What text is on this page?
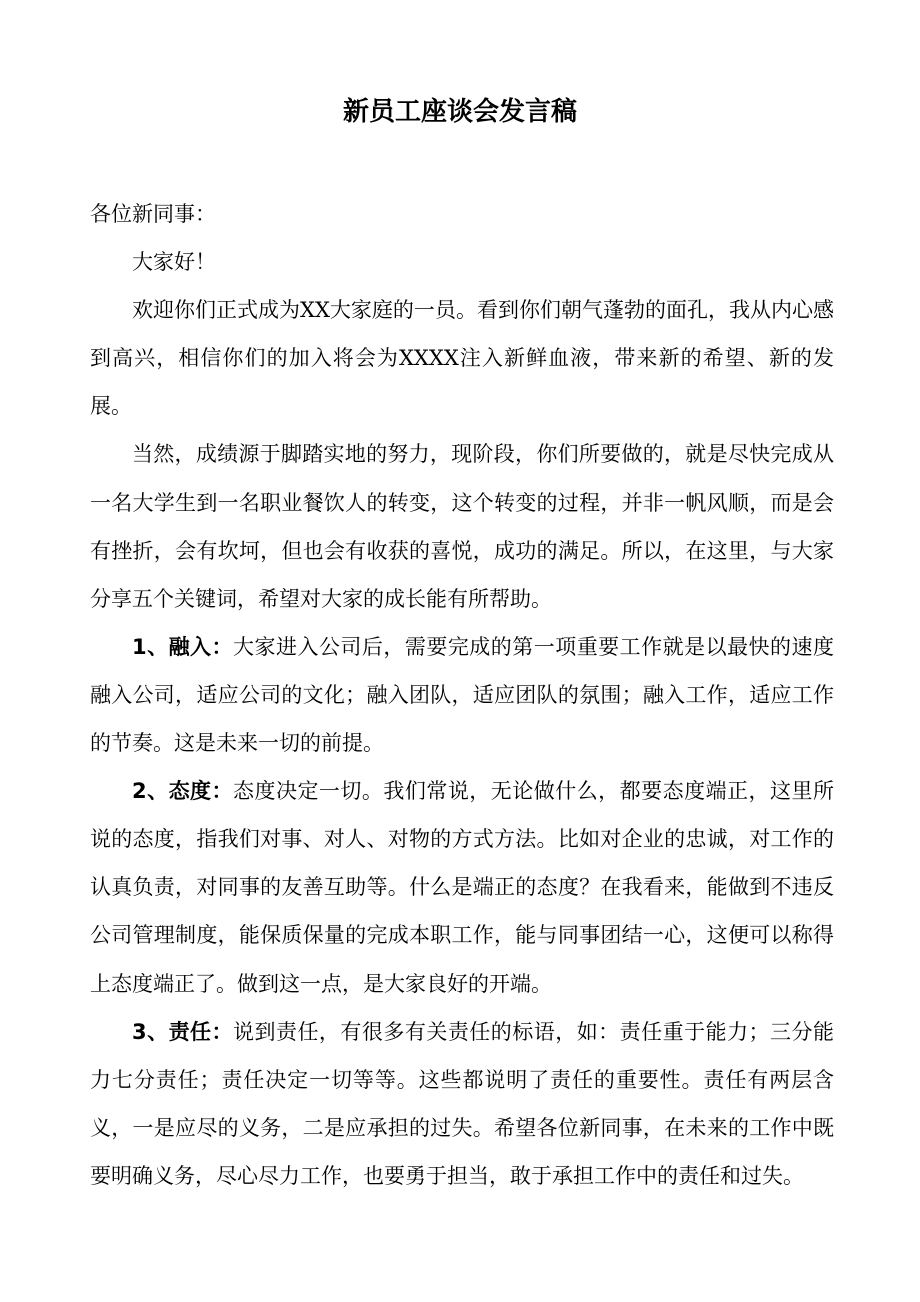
新员工座谈会发言稿

各位新同事：

大家好！

欢迎你们正式成为XX大家庭的一员。看到你们朝气蓬勃的面孔，我从内心感到高兴，相信你们的加入将会为XXXX注入新鲜血液，带来新的希望、新的发展。

当然，成绩源于脚踏实地的努力，现阶段，你们所要做的，就是尽快完成从一名大学生到一名职业餐饮人的转变，这个转变的过程，并非一帆风顺，而是会有挫折，会有坎坷，但也会有收获的喜悦，成功的满足。所以，在这里，与大家分享五个关键词，希望对大家的成长能有所帮助。

1、融入：大家进入公司后，需要完成的第一项重要工作就是以最快的速度融入公司，适应公司的文化；融入团队，适应团队的氛围；融入工作，适应工作的节奏。这是未来一切的前提。

2、态度：态度决定一切。我们常说，无论做什么，都要态度端正，这里所说的态度，指我们对事、对人、对物的方式方法。比如对企业的忠诚，对工作的认真负责，对同事的友善互助等。什么是端正的态度？在我看来，能做到不违反公司管理制度，能保质保量的完成本职工作，能与同事团结一心，这便可以称得上态度端正了。做到这一点，是大家良好的开端。

3、责任：说到责任，有很多有关责任的标语，如：责任重于能力；三分能力七分责任；责任决定一切等等。这些都说明了责任的重要性。责任有两层含义，一是应尽的义务，二是应承担的过失。希望各位新同事，在未来的工作中既要明确义务，尽心尽力工作，也要勇于担当，敢于承担工作中的责任和过失。
